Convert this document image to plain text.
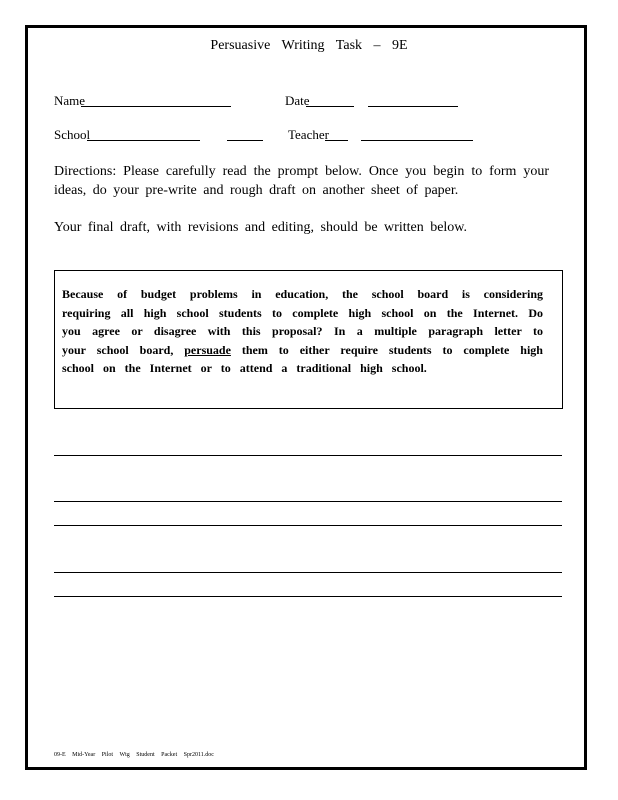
Persuasive Writing Task – 9E
Name	Date
School	Teacher
Directions: Please carefully read the prompt below. Once you begin to form your ideas, do your pre-write and rough draft on another sheet of paper.
Your final draft, with revisions and editing, should be written below.
Because of budget problems in education, the school board is considering requiring all high school students to complete high school on the Internet. Do you agree or disagree with this proposal? In a multiple paragraph letter to your school board, persuade them to either require students to complete high school on the Internet or to attend a traditional high school.
09-E Mid-Year Pilot Wtg Student Packet Spr2011.doc
